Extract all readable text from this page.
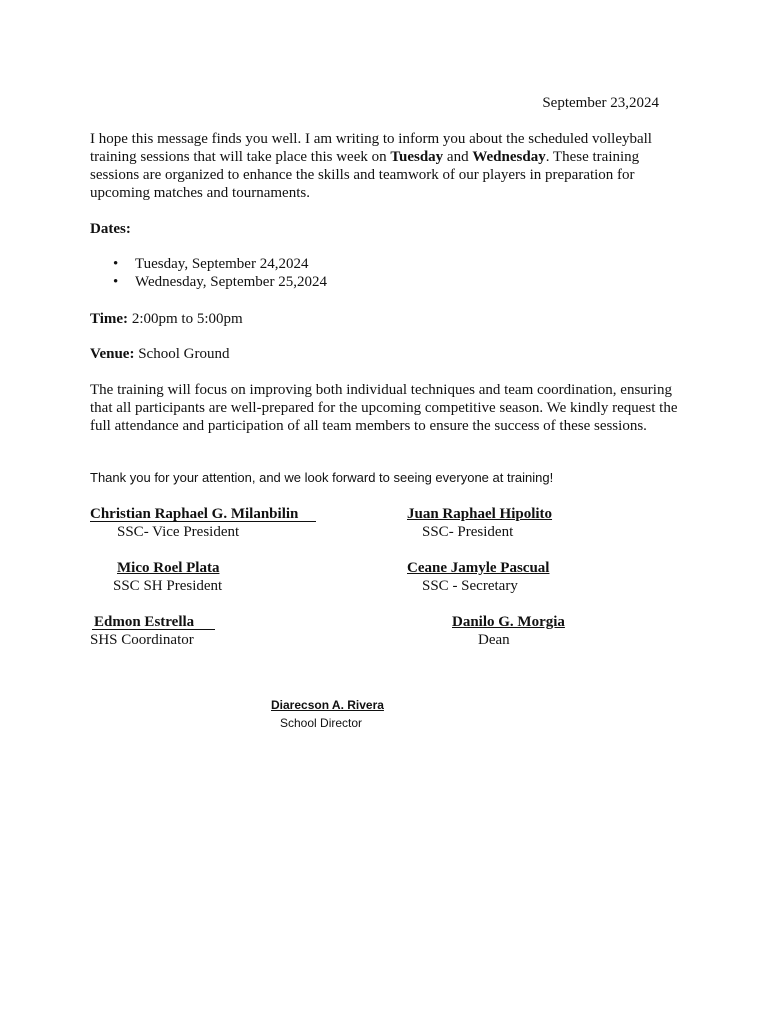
September 23,2024
I hope this message finds you well. I am writing to inform you about the scheduled volleyball training sessions that will take place this week on Tuesday and Wednesday. These training sessions are organized to enhance the skills and teamwork of our players in preparation for upcoming matches and tournaments.
Dates:
• Tuesday, September 24,2024
• Wednesday, September 25,2024
Time: 2:00pm to 5:00pm
Venue: School Ground
The training will focus on improving both individual techniques and team coordination, ensuring that all participants are well-prepared for the upcoming competitive season. We kindly request the full attendance and participation of all team members to ensure the success of these sessions.
Thank you for your attention, and we look forward to seeing everyone at training!
Christian Raphael G. Milanbilin
SSC- Vice President
Juan Raphael Hipolito
SSC- President
Mico Roel Plata
SSC SH President
Ceane Jamyle Pascual
SSC - Secretary
Edmon Estrella
SHS Coordinator
Danilo G. Morgia
Dean
Diarecson A. Rivera
School Director
